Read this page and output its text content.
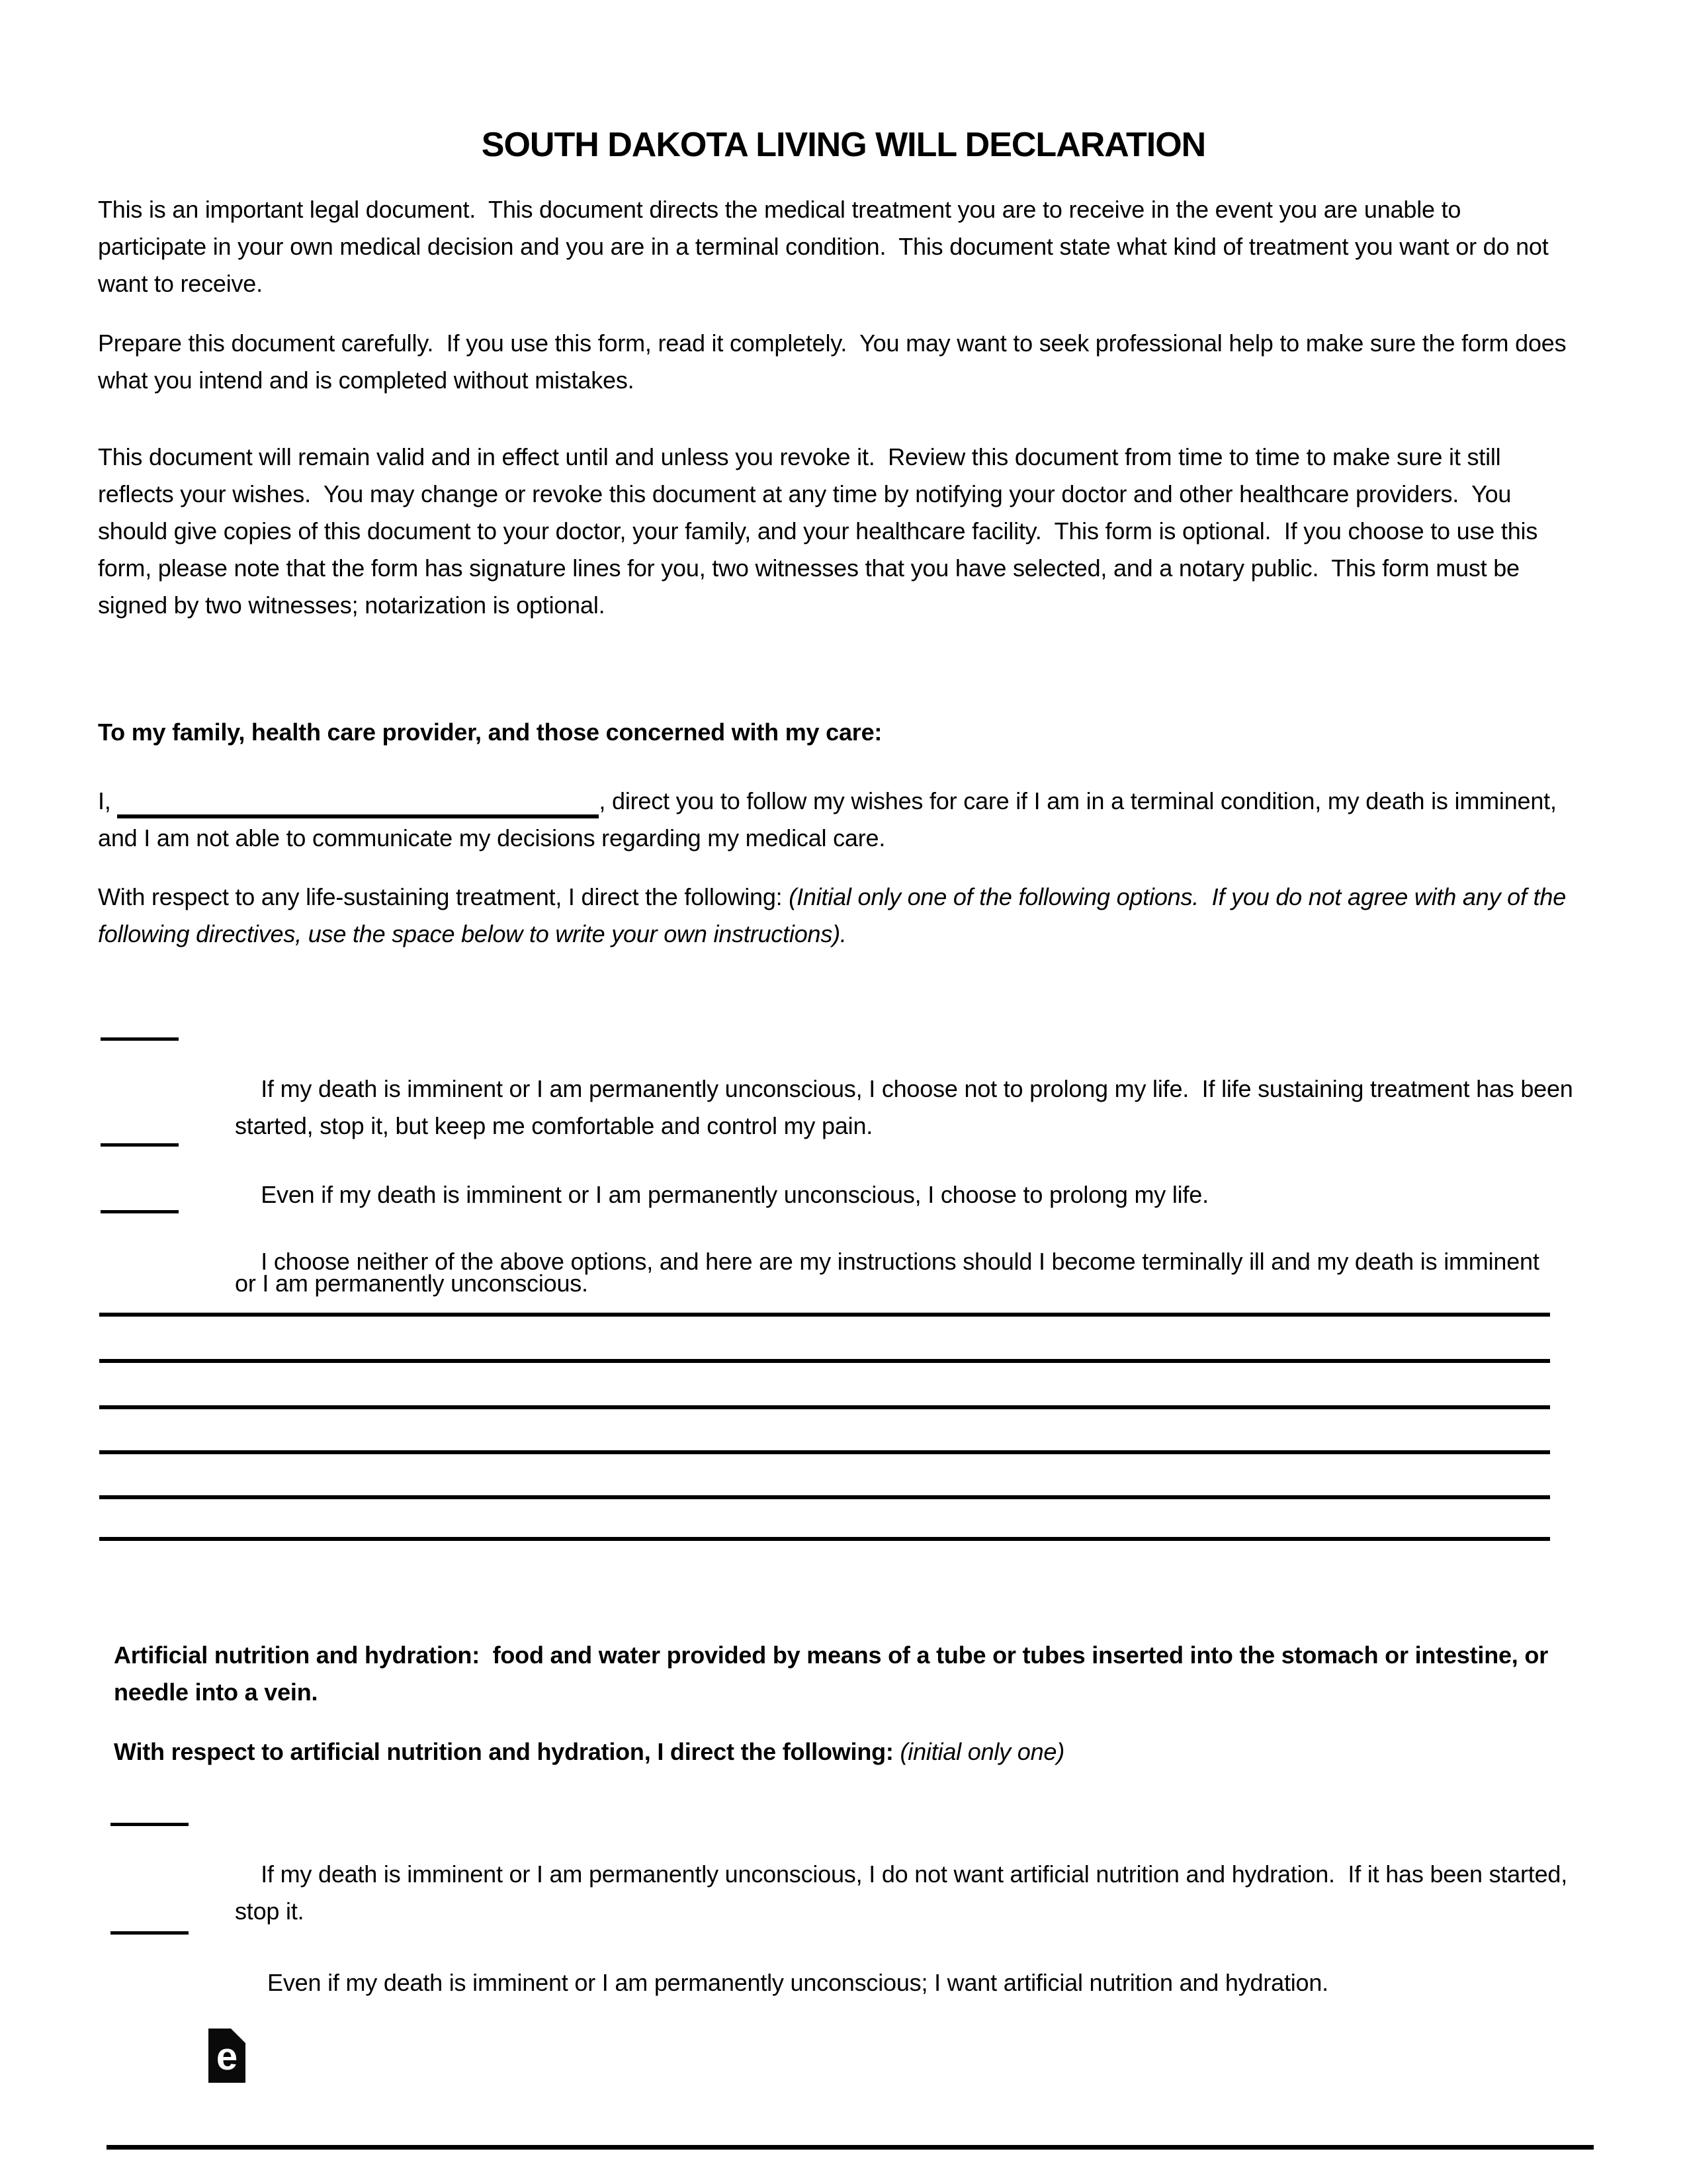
SOUTH DAKOTA LIVING WILL DECLARATION

This is an important legal document.  This document directs the medical treatment you are to receive in the event you are unable to participate in your own medical decision and you are in a terminal condition.  This document state what kind of treatment you want or do not want to receive.

Prepare this document carefully.  If you use this form, read it completely.  You may want to seek professional help to make sure the form does what you intend and is completed without mistakes.

This document will remain valid and in effect until and unless you revoke it.  Review this document from time to time to make sure it still reflects your wishes.  You may change or revoke this document at any time by notifying your doctor and other healthcare providers.  You should give copies of this document to your doctor, your family, and your healthcare facility.  This form is optional.  If you choose to use this form, please note that the form has signature lines for you, two witnesses that you have selected, and a notary public.  This form must be signed by two witnesses; notarization is optional.

To my family, health care provider, and those concerned with my care:

I,	, direct you to follow my wishes for care if I am in a terminal condition, my death is imminent, and I am not able to communicate my decisions regarding my medical care.

With respect to any life-sustaining treatment, I direct the following: (Initial only one of the following options.  If you do not agree with any of the following directives, use the space below to write your own instructions).

If my death is imminent or I am permanently unconscious, I choose not to prolong my life.  If life sustaining treatment has been started, stop it, but keep me comfortable and control my pain.

Even if my death is imminent or I am permanently unconscious, I choose to prolong my life.

I choose neither of the above options, and here are my instructions should I become terminally ill and my death is imminent

or I am permanently unconscious.

Artificial nutrition and hydration:  food and water provided by means of a tube or tubes inserted into the stomach or intestine, or needle into a vein.

With respect to artificial nutrition and hydration, I direct the following: (initial only one)

If my death is imminent or I am permanently unconscious, I do not want artificial nutrition and hydration.  If it has been started, stop it.

Even if my death is imminent or I am permanently unconscious; I want artificial nutrition and hydration.

e
